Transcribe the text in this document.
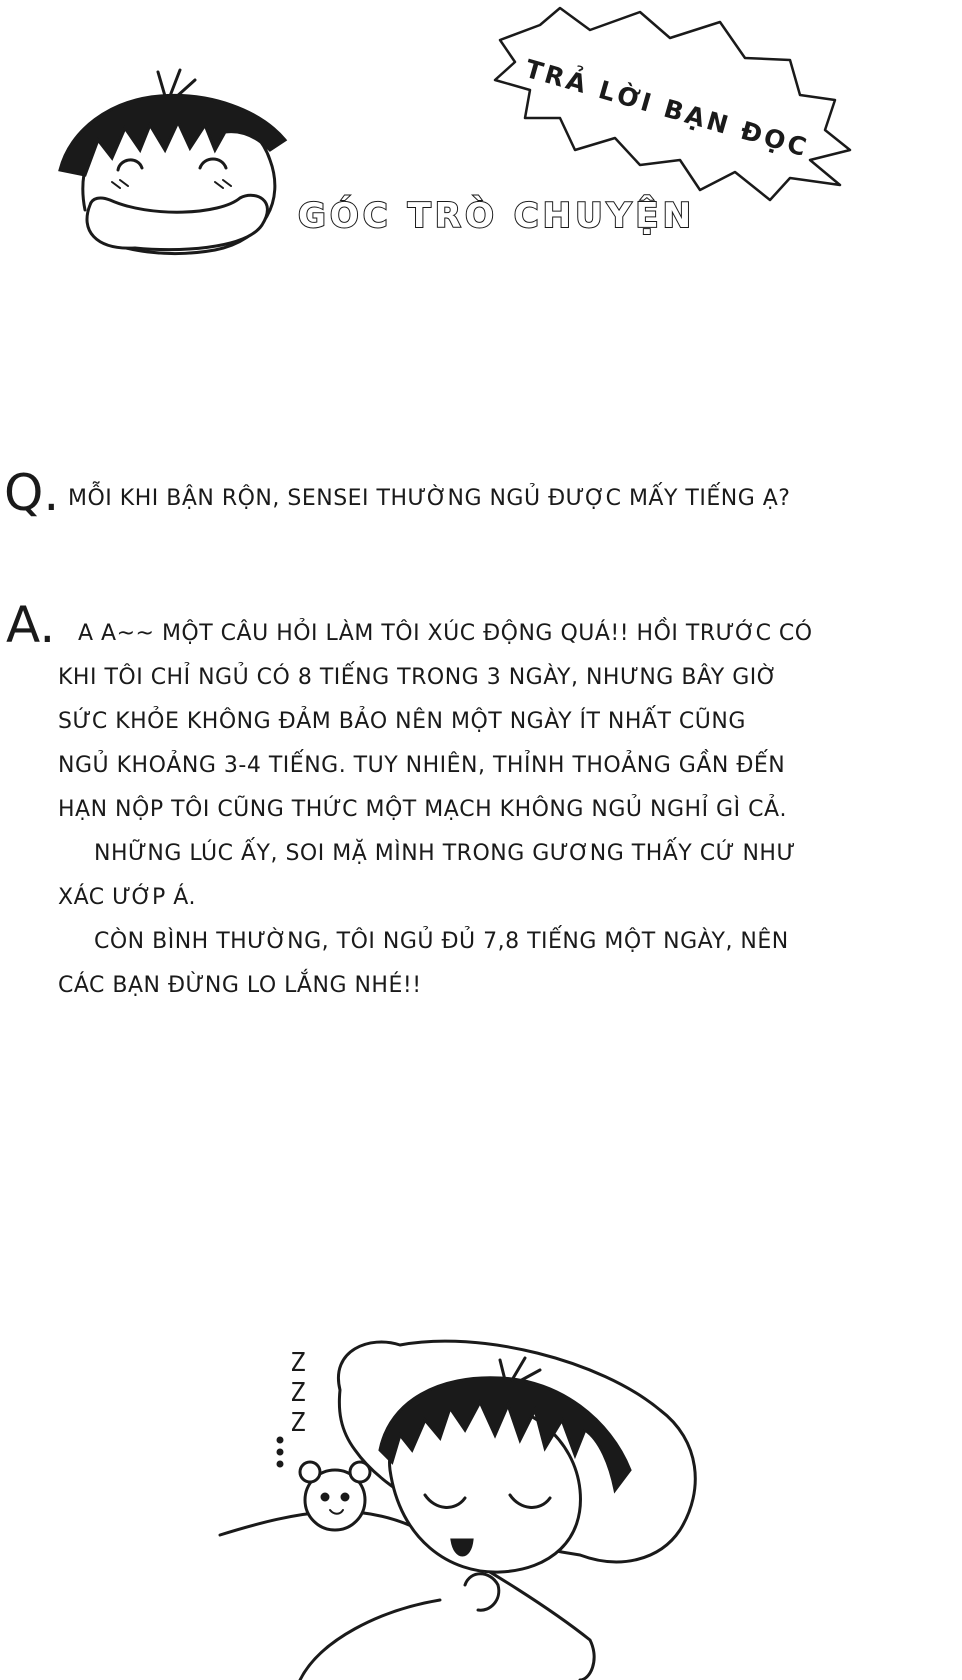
ZZZ
TRẢ LỜI BẠN ĐỌC
GÓC TRÒ CHUYỆN
Q. MỖI KHI BẬN RỘN, SENSEI THƯỜNG NGỦ ĐƯỢC MẤY TIẾNG Ạ?
A.	A A~~ MỘT CÂU HỎI LÀM TÔI XÚC ĐỘNG QUÁ!! HỒI TRƯỚC CÓ
KHI TÔI CHỈ NGỦ CÓ 8 TIẾNG TRONG 3 NGÀY, NHƯNG BÂY GIỜ
SỨC KHỎE KHÔNG ĐẢM BẢO NÊN MỘT NGÀY ÍT NHẤT CŨNG
NGỦ KHOẢNG 3-4 TIẾNG. TUY NHIÊN, THỈNH THOẢNG GẦN ĐẾN
HẠN NỘP TÔI CŨNG THỨC MỘT MẠCH KHÔNG NGỦ NGHỈ GÌ CẢ.
NHỮNG LÚC ẤY, SOI MẶ MÌNH TRONG GƯƠNG THẤY CỨ NHƯ
XÁC ƯỚP Á.
CÒN BÌNH THƯỜNG, TÔI NGỦ ĐỦ 7,8 TIẾNG MỘT NGÀY, NÊN
CÁC BẠN ĐỪNG LO LẮNG NHÉ!!
